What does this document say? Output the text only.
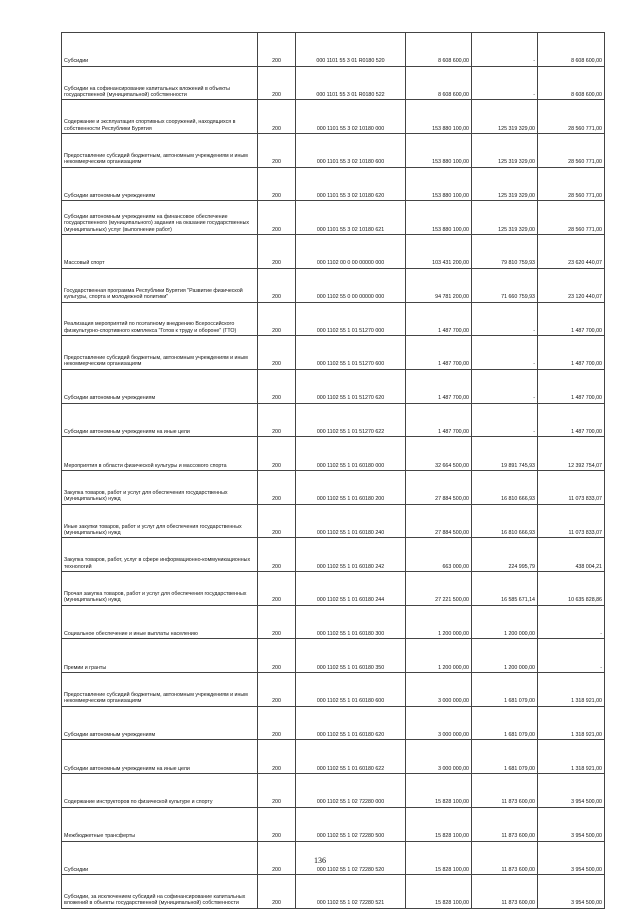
Субсидии	200	000 1101 55 3 01 R0180 520	8 608 600,00	-	8 608 600,00
Субсидии на софинансирование капитальных вложений в объекты государственной (муниципальной) собственности	200	000 1101 55 3 01 R0180 522	8 608 600,00	-	8 608 600,00
Содержание и эксплуатация спортивных сооружений, находящихся в собственности Республики Бурятия	200	000 1101 55 3 02 10180 000	153 880 100,00	125 319 329,00	28 560 771,00
Предоставление субсидий бюджетным, автономным учреждениям и иным некоммерческим организациям	200	000 1101 55 3 02 10180 600	153 880 100,00	125 319 329,00	28 560 771,00
Субсидии автономным учреждениям	200	000 1101 55 3 02 10180 620	153 880 100,00	125 319 329,00	28 560 771,00
Субсидии автономным учреждениям на финансовое обеспечение государственного (муниципального) задания на оказание государственных (муниципальных) услуг (выполнение работ)	200	000 1101 55 3 02 10180 621	153 880 100,00	125 319 329,00	28 560 771,00
Массовый спорт	200	000 1102 00 0 00 00000 000	103 431 200,00	79 810 759,93	23 620 440,07
Государственная программа Республики Бурятия "Развитие физической культуры, спорта и молодежной политики"	200	000 1102 55 0 00 00000 000	94 781 200,00	71 660 759,93	23 120 440,07
Реализация мероприятий по поэтапному внедрению Всероссийского физкультурно-спортивного комплекса "Готов к труду и обороне" (ГТО)	200	000 1102 55 1 01 51270 000	1 487 700,00	-	1 487 700,00
Предоставление субсидий бюджетным, автономным учреждениям и иным некоммерческим организациям	200	000 1102 55 1 01 51270 600	1 487 700,00	-	1 487 700,00
Субсидии автономным учреждениям	200	000 1102 55 1 01 51270 620	1 487 700,00	-	1 487 700,00
Субсидии автономным учреждениям на иные цели	200	000 1102 55 1 01 51270 622	1 487 700,00	-	1 487 700,00
Мероприятия в области физической культуры и массового спорта	200	000 1102 55 1 01 60180 000	32 664 500,00	19 891 745,93	12 392 754,07
Закупка товаров, работ и услуг для обеспечения государственных (муниципальных) нужд	200	000 1102 55 1 01 60180 200	27 884 500,00	16 810 666,93	11 073 833,07
Иные закупки товаров, работ и услуг для обеспечения государственных (муниципальных) нужд	200	000 1102 55 1 01 60180 240	27 884 500,00	16 810 666,93	11 073 833,07
Закупка товаров, работ, услуг в сфере информационно-коммуникационных технологий	200	000 1102 55 1 01 60180 242	663 000,00	224 995,79	438 004,21
Прочая закупка товаров, работ и услуг для обеспечения государственных (муниципальных) нужд	200	000 1102 55 1 01 60180 244	27 221 500,00	16 585 671,14	10 635 828,86
Социальное обеспечение и иные выплаты населению	200	000 1102 55 1 01 60180 300	1 200 000,00	1 200 000,00	-
Премии и гранты	200	000 1102 55 1 01 60180 350	1 200 000,00	1 200 000,00	-
Предоставление субсидий бюджетным, автономным учреждениям и иным некоммерческим организациям	200	000 1102 55 1 01 60180 600	3 000 000,00	1 681 079,00	1 318 921,00
Субсидии автономным учреждениям	200	000 1102 55 1 01 60180 620	3 000 000,00	1 681 079,00	1 318 921,00
Субсидии автономным учреждениям на иные цели	200	000 1102 55 1 01 60180 622	3 000 000,00	1 681 079,00	1 318 921,00
Содержание инструкторов по физической культуре и спорту	200	000 1102 55 1 02 72280 000	15 828 100,00	11 873 600,00	3 954 500,00
Межбюджетные трансферты	200	000 1102 55 1 02 72280 500	15 828 100,00	11 873 600,00	3 954 500,00
Субсидии	200	000 1102 55 1 02 72280 520	15 828 100,00	11 873 600,00	3 954 500,00
Субсидии, за исключением субсидий на софинансирование капитальных вложений в объекты государственной (муниципальной) собственности	200	000 1102 55 1 02 72280 521	15 828 100,00	11 873 600,00	3 954 500,00
136
